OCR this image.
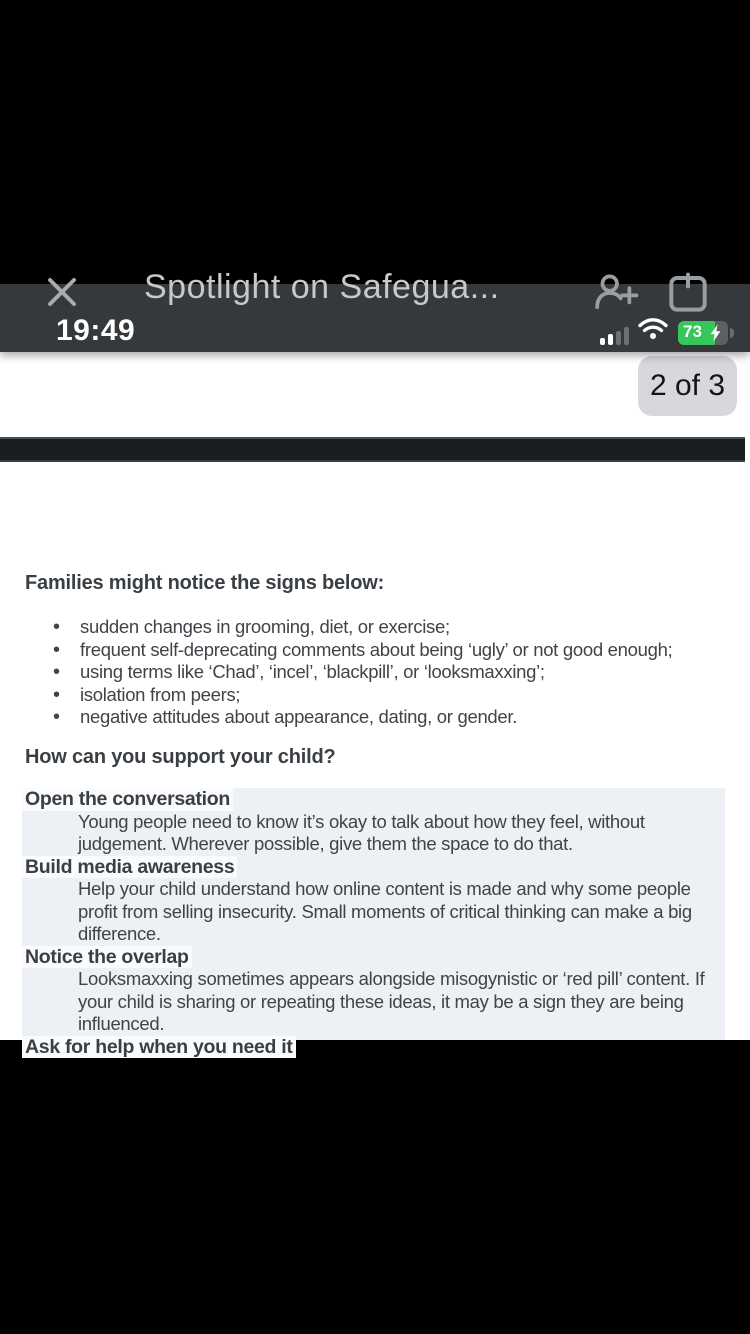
Spotlight on Safegua...
19:49	73
2 of 3
Families might notice the signs below:
• sudden changes in grooming, diet, or exercise;
• frequent self-deprecating comments about being ‘ugly’ or not good enough;
• using terms like ‘Chad’, ‘incel’, ‘blackpill’, or ‘looksmaxxing’;
• isolation from peers;
• negative attitudes about appearance, dating, or gender.
How can you support your child?
Open the conversation
Young people need to know it’s okay to talk about how they feel, without
judgement. Wherever possible, give them the space to do that.
Build media awareness
Help your child understand how online content is made and why some people
profit from selling insecurity. Small moments of critical thinking can make a big
difference.
Notice the overlap
Looksmaxxing sometimes appears alongside misogynistic or ‘red pill’ content. If
your child is sharing or repeating these ideas, it may be a sign they are being
influenced.
Ask for help when you need it
